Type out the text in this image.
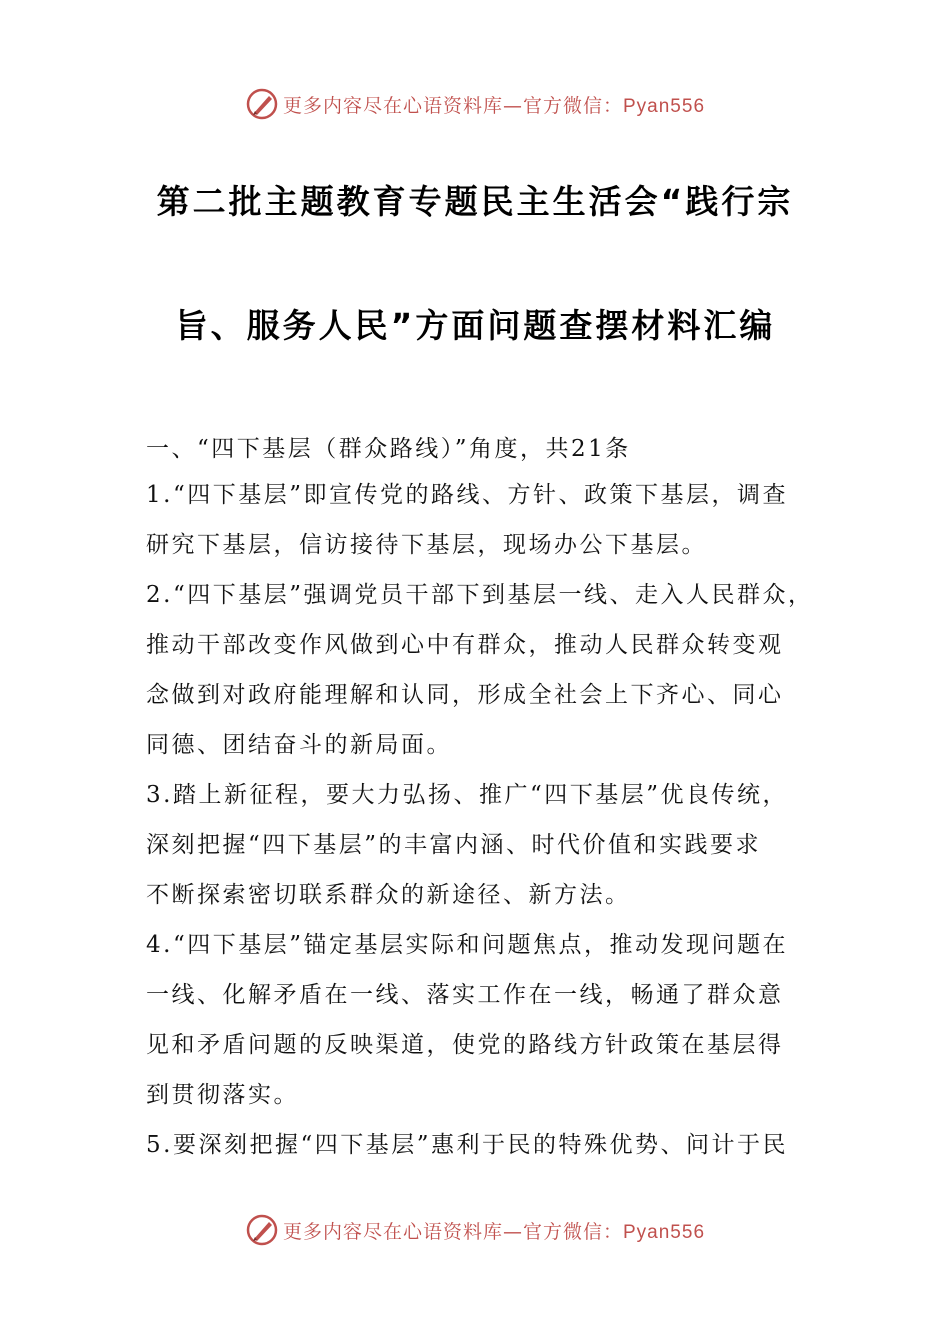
更多内容尽在心语资料库—官方微信：Pyan556
第二批主题教育专题民主生活会“践行宗
旨、服务人民”方面问题查摆材料汇编
一、“四下基层（群众路线）”角度，共21条
1.“四下基层”即宣传党的路线、方针、政策下基层，调查
研究下基层，信访接待下基层，现场办公下基层。
2.“四下基层”强调党员干部下到基层一线、走入人民群众，
推动干部改变作风做到心中有群众，推动人民群众转变观
念做到对政府能理解和认同，形成全社会上下齐心、同心
同德、团结奋斗的新局面。
3.踏上新征程，要大力弘扬、推广“四下基层”优良传统，
深刻把握“四下基层”的丰富内涵、时代价值和实践要求
不断探索密切联系群众的新途径、新方法。
4.“四下基层”锚定基层实际和问题焦点，推动发现问题在
一线、化解矛盾在一线、落实工作在一线，畅通了群众意
见和矛盾问题的反映渠道，使党的路线方针政策在基层得
到贯彻落实。
5.要深刻把握“四下基层”惠利于民的特殊优势、问计于民
更多内容尽在心语资料库—官方微信：Pyan556
